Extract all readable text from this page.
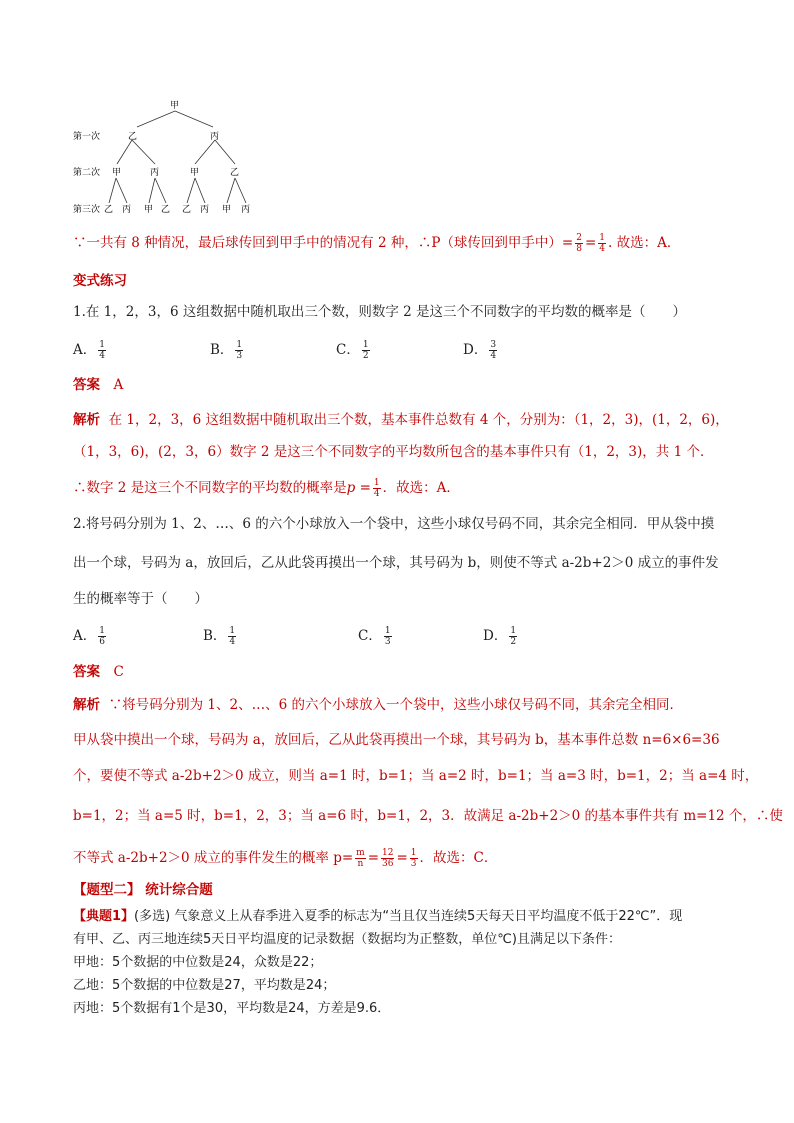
甲
第一次
第二次
第三次
乙	丙
甲	丙	甲	乙
乙 丙 甲 乙 乙 丙 甲 丙
∵一共有 8 种情况，最后球传回到甲手中的情况有 2 种，∴P（球传回到甲手中）= $\frac{2}{8} = \frac{1}{4}$ . 故选：A．
变式练习
1.在 1，2，3，6 这组数据中随机取出三个数，则数字 2 是这三个不同数字的平均数的概率是（　　）
A． $\frac{1}{4}$	B． $\frac{1}{3}$	C． $\frac{1}{2}$	D． $\frac{3}{4}$
答案　 A
解析 在 1，2，3，6 这组数据中随机取出三个数，基本事件总数有 4 个，分别为：（1，2，3)，(1，2，6)，
（1，3，6)，(2，3，6）数字 2 是这三个不同数字的平均数所包含的基本事件只有（1，2，3)，共 1 个．
∴数字 2 是这三个不同数字的平均数的概率是$p = \frac{1}{4}$ ．故选：A．
2.将号码分别为 1、2、…、6 的六个小球放入一个袋中，这些小球仅号码不同，其余完全相同．甲从袋中摸
出一个球，号码为 a，放回后，乙从此袋再摸出一个球，其号码为 b，则使不等式 a-2b+2＞0 成立的事件发
生的概率等于（　　）
A． $\frac{1}{6}$	B． $\frac{1}{4}$	C． $\frac{1}{3}$	D． $\frac{1}{2}$
答案　 C
解析 ∵将号码分别为 1、2、…、6 的六个小球放入一个袋中，这些小球仅号码不同，其余完全相同．
甲从袋中摸出一个球，号码为 a，放回后，乙从此袋再摸出一个球，其号码为 b，基本事件总数 n=6×6=36
个，要使不等式 a-2b+2＞0 成立，则当 a=1 时，b=1；当 a=2 时，b=1；当 a=3 时，b=1，2；当 a=4 时，
b=1，2；当 a=5 时，b=1，2，3；当 a=6 时，b=1，2，3．故满足 a-2b+2＞0 的基本事件共有 m=12 个，∴使
不等式 a-2b+2＞0 成立的事件发生的概率 $p= \frac{m}{n} = \frac{12}{36} = \frac{1}{3}$ ．故选：C．
【题型二】 统计综合题
【典题1】(多选) 气象意义上从春季进入夏季的标志为“当且仅当连续5天每天日平均温度不低于22℃”．现
有甲、乙、丙三地连续5天日平均温度的记录数据（数据均为正整数，单位℃)且满足以下条件：
甲地：5个数据的中位数是24，众数是22；
乙地：5个数据的中位数是27，平均数是24；
丙地：5个数据有1个是30，平均数是24，方差是9.6．
